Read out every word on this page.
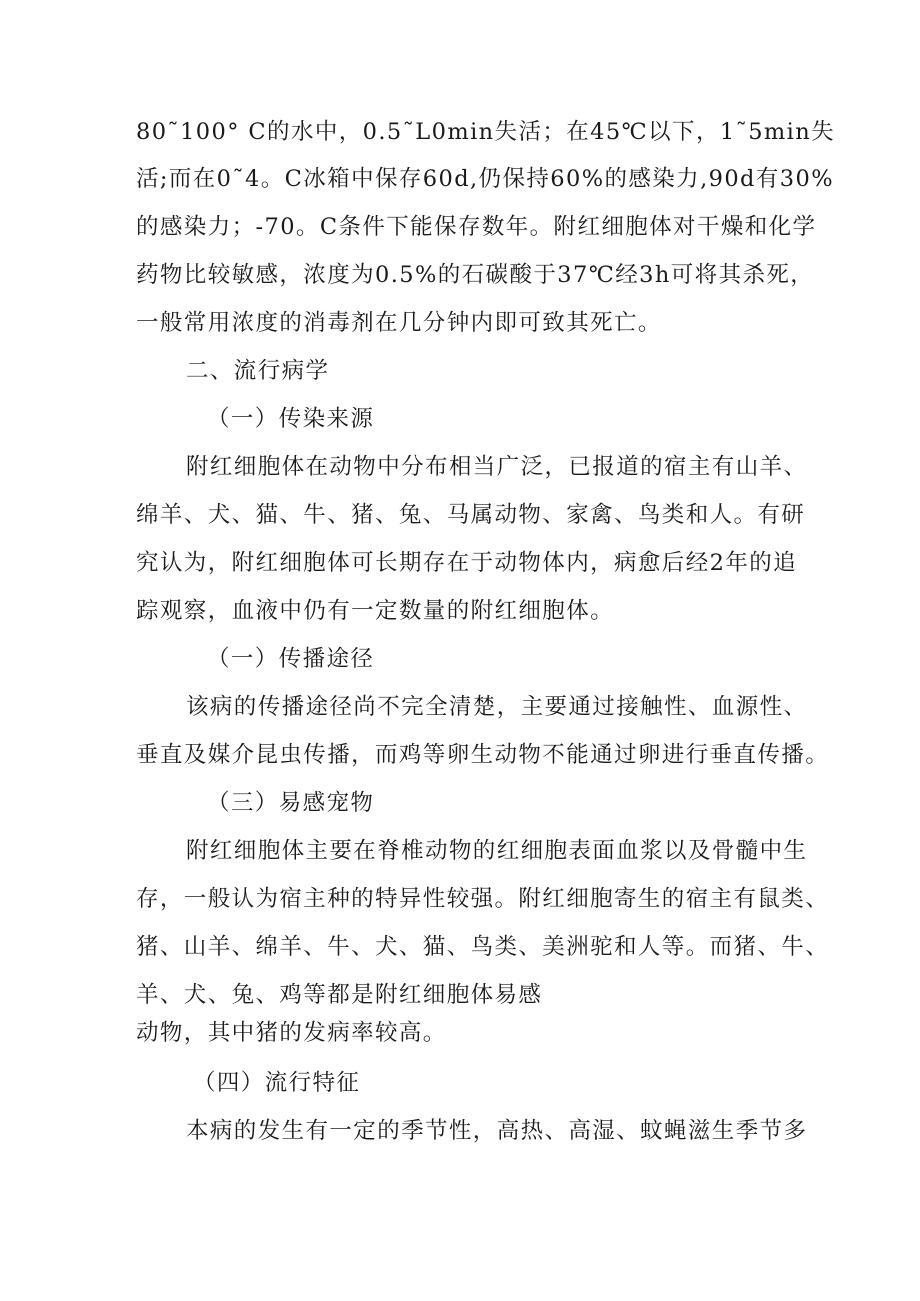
80˜100° C的水中，0.5˜L0min失活；在45℃以下，1˜5min失
活;而在0˜4。C冰箱中保存60d,仍保持60%的感染力,90d有30%
的感染力；-70。C条件下能保存数年。附红细胞体对干燥和化学
药物比较敏感，浓度为0.5%的石碳酸于37℃经3h可将其杀死，
一般常用浓度的消毒剂在几分钟内即可致其死亡。
二、流行病学
（一）传染来源
附红细胞体在动物中分布相当广泛，已报道的宿主有山羊、
绵羊、犬、猫、牛、猪、兔、马属动物、家禽、鸟类和人。有研
究认为，附红细胞体可长期存在于动物体内，病愈后经2年的追
踪观察，血液中仍有一定数量的附红细胞体。
（一）传播途径
该病的传播途径尚不完全清楚，主要通过接触性、血源性、
垂直及媒介昆虫传播，而鸡等卵生动物不能通过卵进行垂直传播。
（三）易感宠物
附红细胞体主要在脊椎动物的红细胞表面血浆以及骨髓中生
存，一般认为宿主种的特异性较强。附红细胞寄生的宿主有鼠类、
猪、山羊、绵羊、牛、犬、猫、鸟类、美洲驼和人等。而猪、牛、
羊、犬、兔、鸡等都是附红细胞体易感
动物，其中猪的发病率较高。
（四）流行特征
本病的发生有一定的季节性，高热、高湿、蚊蝇滋生季节多
